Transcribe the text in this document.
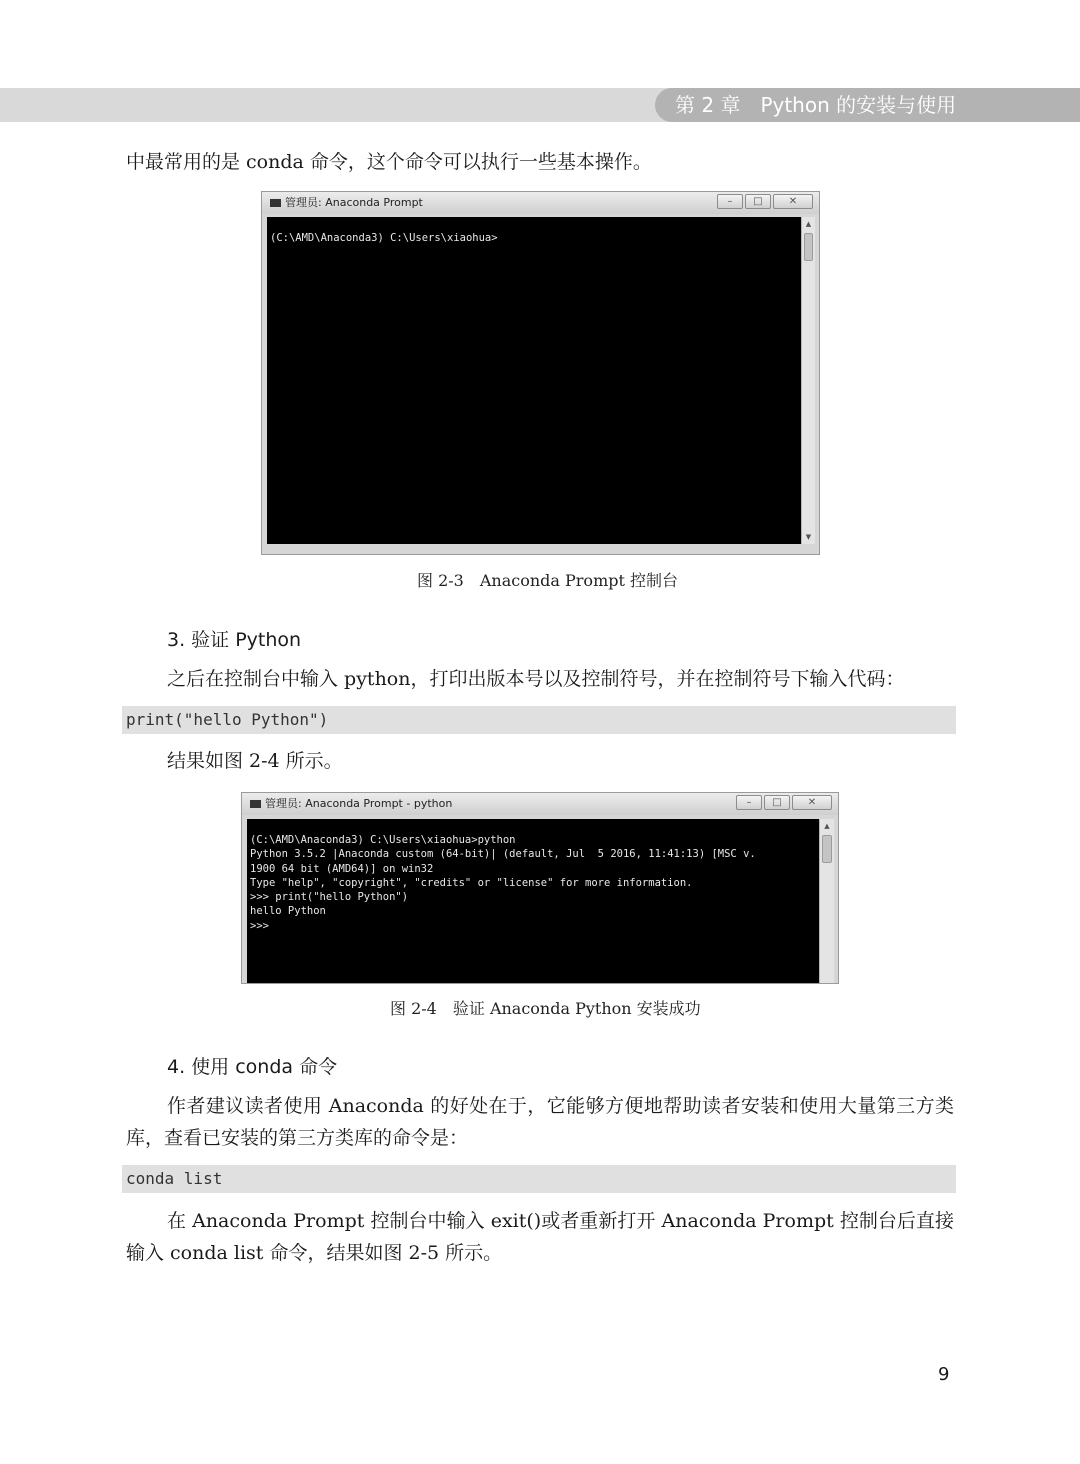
第 2 章　Python 的安装与使用

中最常用的是 conda 命令，这个命令可以执行一些基本操作。

管理员: Anaconda Prompt	–	□	✕
(C:\AMD\Anaconda3) C:\Users\xiaohua>
▲
▼
图 2-3　Anaconda Prompt 控制台

3. 验证 Python

之后在控制台中输入 python，打印出版本号以及控制符号，并在控制符号下输入代码：

print("hello Python")

结果如图 2-4 所示。

管理员: Anaconda Prompt - python	–	□	✕
(C:\AMD\Anaconda3) C:\Users\xiaohua>python
Python 3.5.2 |Anaconda custom (64-bit)| (default, Jul  5 2016, 11:41:13) [MSC v.
1900 64 bit (AMD64)] on win32
Type "help", "copyright", "credits" or "license" for more information.
>>> print("hello Python")
hello Python
>>>
▲
图 2-4　验证 Anaconda Python 安装成功

4. 使用 conda 命令

作者建议读者使用 Anaconda 的好处在于，它能够方便地帮助读者安装和使用大量第三方类库，查看已安装的第三方类库的命令是：

conda list

在 Anaconda Prompt 控制台中输入 exit()或者重新打开 Anaconda Prompt 控制台后直接输入 conda list 命令，结果如图 2-5 所示。

9
